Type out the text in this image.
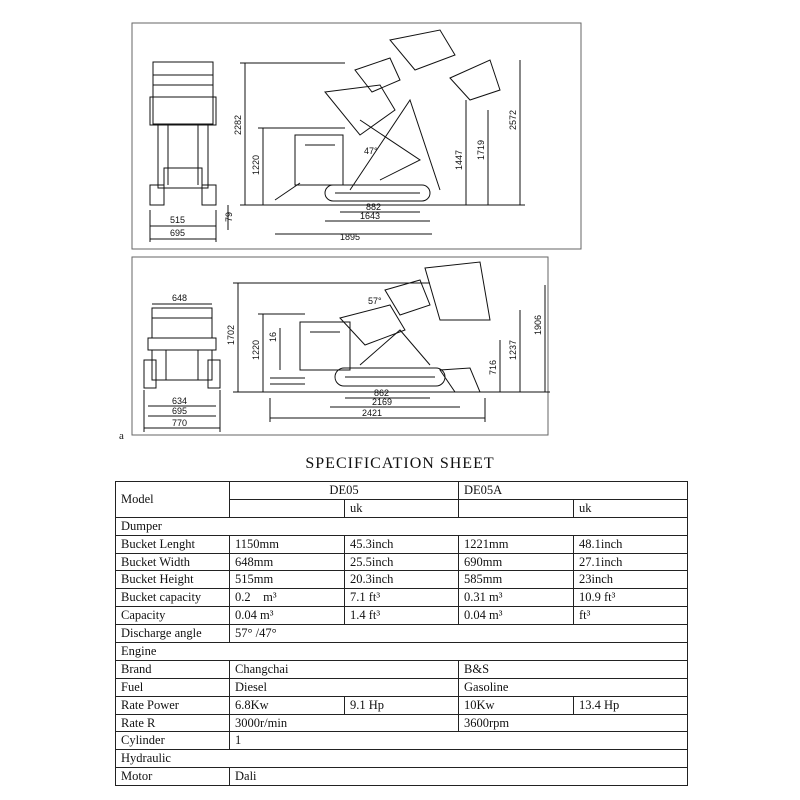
515
695
79
2282
1220
47°
882
1643
1895
1447 1719
2572
648
634
695
770
1702
1220
16
57°
862
2169
2421
716
1237
1906
a
SPECIFICATION SHEET
Model	DE05		DE05A	
		uk		uk
Dumper				
Bucket Lenght	1150mm	45.3inch	1221mm	48.1inch
Bucket Width	648mm	25.5inch	690mm	27.1inch
Bucket Height	515mm	20.3inch	585mm	23inch
Bucket capacity	0.2　m³	7.1 ft³	0.31 m³	10.9 ft³
Capacity	0.04 m³	1.4 ft³	0.04 m³	ft³
Discharge angle	57° /47°			
Engine				
Brand	Changchai		B&S	
Fuel	Diesel		Gasoline	
Rate Power	6.8Kw	9.1 Hp	10Kw	13.4 Hp
Rate R	3000r/min		3600rpm	
Cylinder	1			
Hydraulic				
Motor	Dali			
